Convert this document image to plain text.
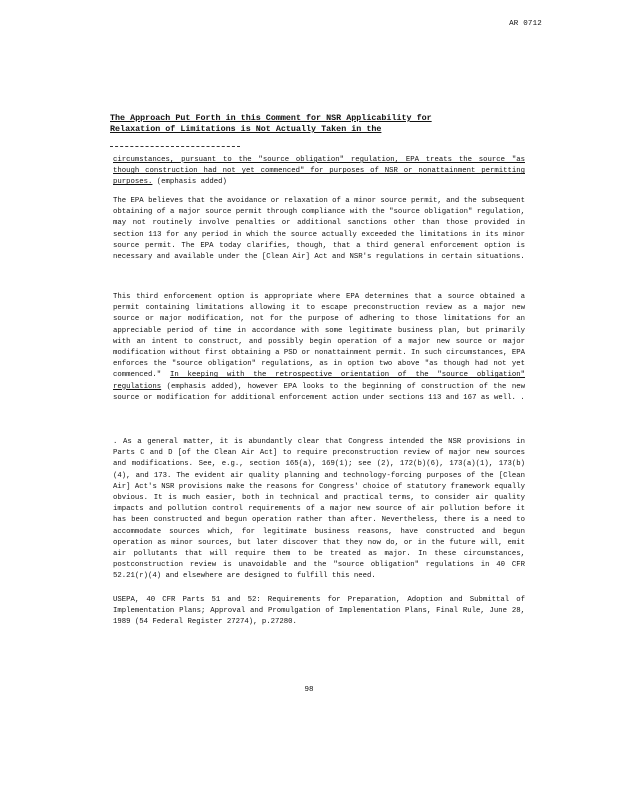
AR 0712
The Approach Put Forth in this Comment for NSR Applicability for
Relaxation of Limitations is Not Actually Taken in the

circumstances, pursuant to the "source obligation" regulation, EPA treats the source "as though construction had not yet commenced" for purposes of NSR or nonattainment permitting purposes. (emphasis added)

The EPA believes that the avoidance or relaxation of a minor source permit, and the subsequent obtaining of a major source permit through compliance with the "source obligation" regulation, may not routinely involve penalties or additional sanctions other than those provided in section 113 for any period in which the source actually exceeded the limitations in its minor source permit. The EPA today clarifies, though, that a third general enforcement option is necessary and available under the [Clean Air] Act and NSR's regulations in certain situations.

This third enforcement option is appropriate where EPA determines that a source obtained a permit containing limitations allowing it to escape preconstruction review as a major new source or major modification, not for the purpose of adhering to those limitations for an appreciable period of time in accordance with some legitimate business plan, but primarily with an intent to construct, and possibly begin operation of a major new source or major modification without first obtaining a PSD or nonattainment permit. In such circumstances, EPA enforces the "source obligation" regulations, as in option two above "as though had not yet commenced." In keeping with the retrospective orientation of the "source obligation" regulations (emphasis added), however EPA looks to the beginning of construction of the new source or modification for additional enforcement action under sections 113 and 167 as well. .

. As a general matter, it is abundantly clear that Congress intended the NSR provisions in Parts C and D [of the Clean Air Act] to require preconstruction review of major new sources and modifications. See, e.g., section 165(a), 169(1); see (2), 172(b)(6), 173(a)(1), 173(b)(4), and 173. The evident air quality planning and technology-forcing purposes of the [Clean Air] Act's NSR provisions make the reasons for Congress' choice of statutory framework equally obvious. It is much easier, both in technical and practical terms, to consider air quality impacts and pollution control requirements of a major new source of air pollution before it has been constructed and begun operation rather than after. Nevertheless, there is a need to accommodate sources which, for legitimate business reasons, have constructed and begun operation as minor sources, but later discover that they now do, or in the future will, emit air pollutants that will require them to be treated as major. In these circumstances, postconstruction review is unavoidable and the "source obligation" regulations in 40 CFR 52.21(r)(4) and elsewhere are designed to fulfill this need.

USEPA, 40 CFR Parts 51 and 52: Requirements for Preparation, Adoption and Submittal of Implementation Plans; Approval and Promulgation of Implementation Plans, Final Rule, June 28, 1989 (54 Federal Register 27274), p.27280.

98
